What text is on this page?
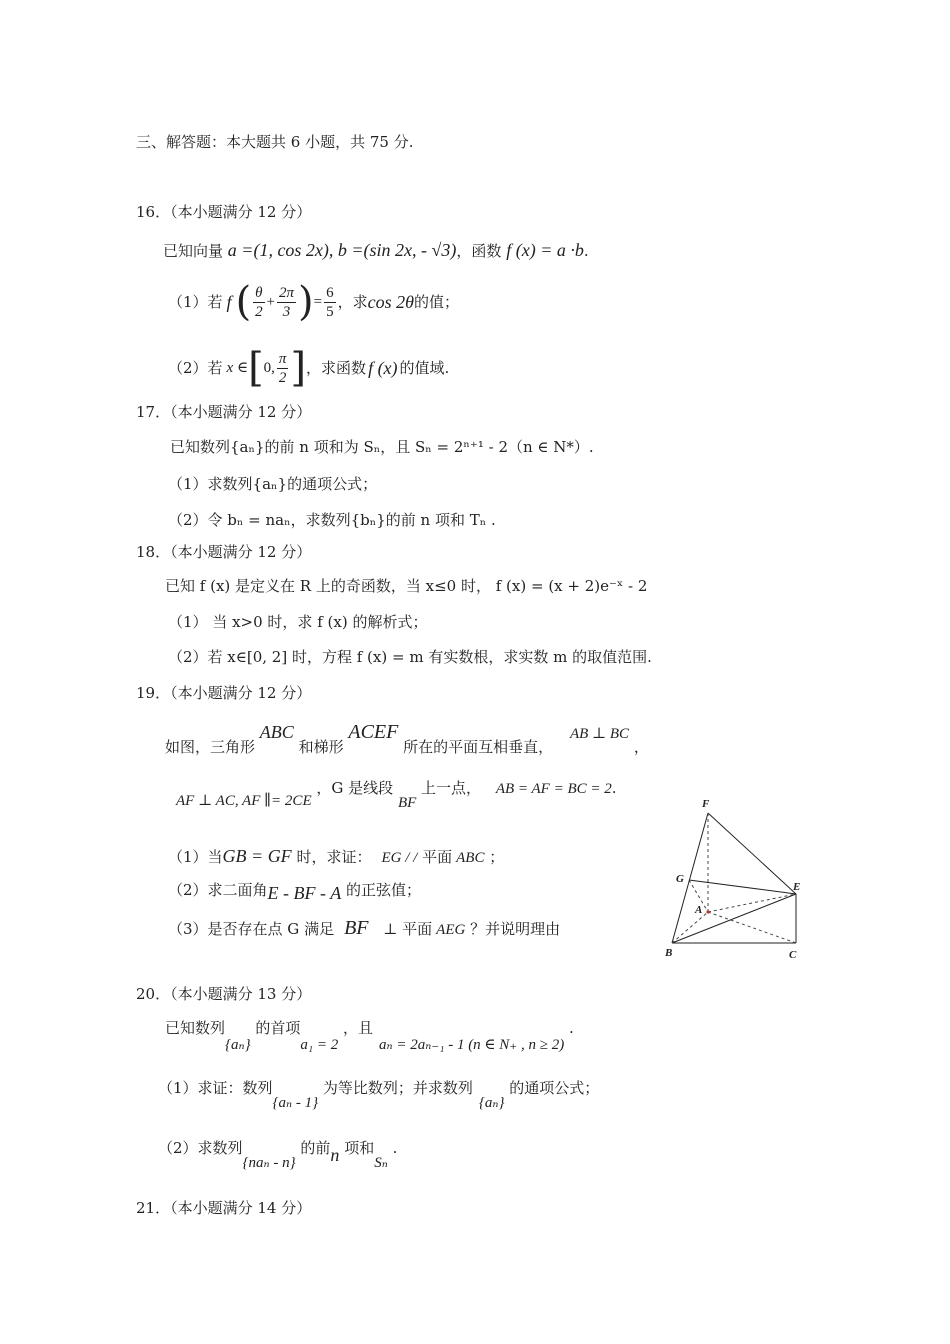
三、解答题：本大题共 6 小题，共 75 分.
16．（本小题满分 12 分）
已知向量 a =(1, cos 2x), b =(sin 2x, - √3)，函数 f (x) = a ·b.
（1）若 f ( $\frac{\theta}{2} + \frac{2\pi}{3}$ ) = $\frac{6}{5}$ ，求 cos 2θ 的值；
（2）若 x ∈ [ 0, $\frac{\pi}{2}$ ] ，求函数 f (x) 的值域.
17．（本小题满分 12 分）
已知数列{aₙ}的前 n 项和为 Sₙ，且 Sₙ = 2ⁿ⁺¹ - 2（n ∈ N*）.
（1）求数列{aₙ}的通项公式；
（2）令 bₙ = naₙ，求数列{bₙ}的前 n 项和 Tₙ .
18．（本小题满分 12 分）
已知 f (x) 是定义在 R 上的奇函数，当 x≤0 时， f (x) = (x + 2)e⁻ˣ - 2
（1） 当 x>0 时，求 f (x) 的解析式；
（2）若 x∈[0, 2] 时，方程 f (x) = m 有实数根，求实数 m 的取值范围.
19．（本小题满分 12 分）
如图，三角形 ABC 和梯形 ACEF 所在的平面互相垂直， AB ⊥ BC ，
AF ⊥ AC, AF ∥= 2CE ，G 是线段 BF 上一点， AB = AF = BC = 2.
（1）当GB = GF 时，求证： EG / / 平面 ABC ；
（2）求二面角E - BF - A 的正弦值；
（3）是否存在点 G 满足 BF ⊥ 平面 AEG ？并说明理由
F
G
A
E
B	C
20．（本小题满分 13 分）
已知数列{aₙ} 的首项a₁ = 2 ，且aₙ = 2aₙ₋₁ - 1 (n ∈ N₊ , n ≥ 2) .
（1）求证：数列{aₙ - 1} 为等比数列；并求数列{aₙ} 的通项公式；
（2）求数列{naₙ - n} 的前n 项和Sₙ .
21．（本小题满分 14 分）
